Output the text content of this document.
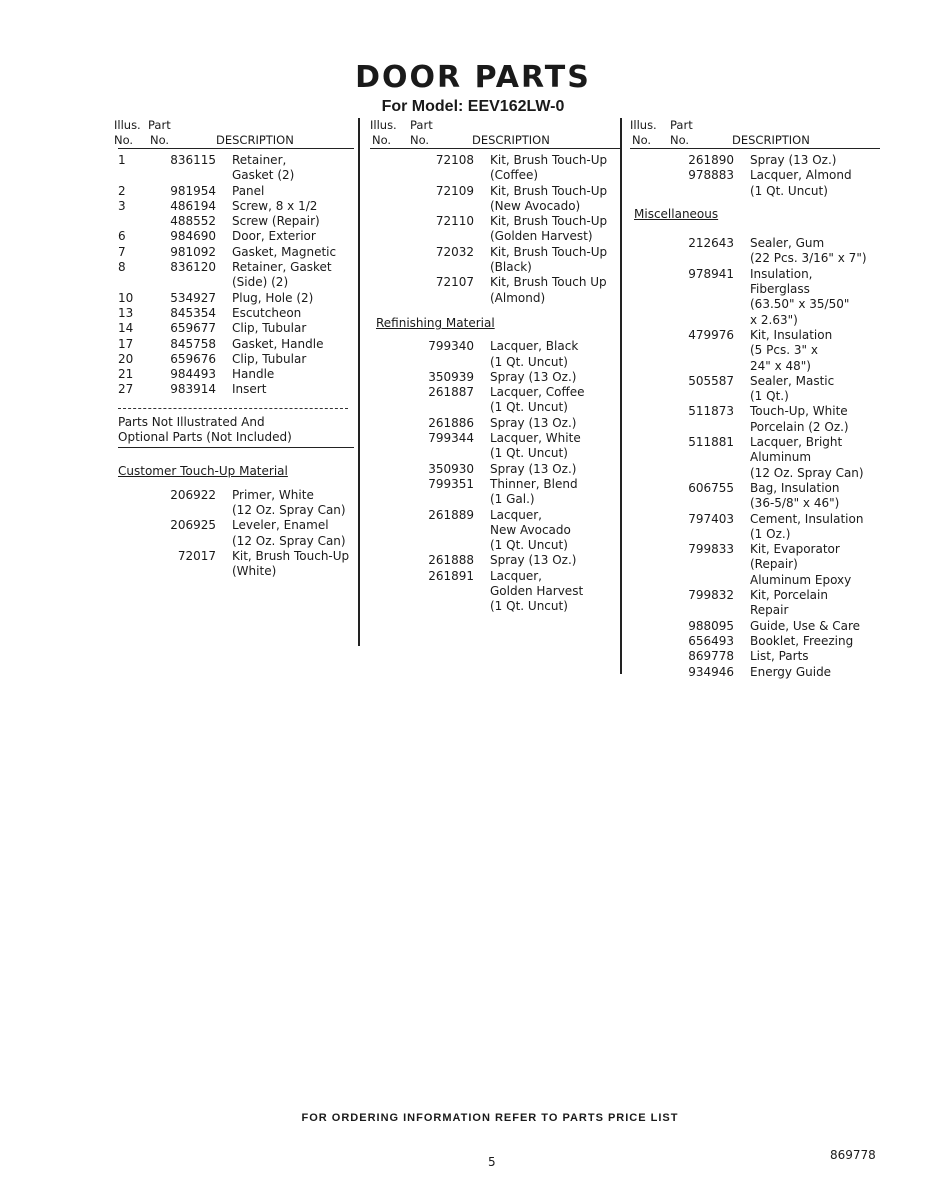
DOOR PARTS
For Model: EEV162LW-0
Illus. Part
No. No.	DESCRIPTION
1	836115 Retainer,
Gasket (2)
2	981954 Panel
3	486194 Screw, 8 x 1/2
488552 Screw (Repair)
6	984690 Door, Exterior
7	981092 Gasket, Magnetic
8	836120 Retainer, Gasket
(Side) (2)
10	534927 Plug, Hole (2)
13	845354 Escutcheon
14	659677 Clip, Tubular
17	845758 Gasket, Handle
20	659676 Clip, Tubular
21	984493 Handle
27	983914 Insert
Parts Not Illustrated And
Optional Parts (Not Included)
Customer Touch-Up Material
206922 Primer, White
(12 Oz. Spray Can)
206925 Leveler, Enamel
(12 Oz. Spray Can)
72017 Kit, Brush Touch-Up
(White)
Illus. Part
No. No.	DESCRIPTION
72108 Kit, Brush Touch-Up
(Coffee)
72109 Kit, Brush Touch-Up
(New Avocado)
72110 Kit, Brush Touch-Up
(Golden Harvest)
72032 Kit, Brush Touch-Up
(Black)
72107 Kit, Brush Touch Up
(Almond)
Refinishing Material
799340 Lacquer, Black
(1 Qt. Uncut)
350939 Spray (13 Oz.)
261887 Lacquer, Coffee
(1 Qt. Uncut)
261886 Spray (13 Oz.)
799344 Lacquer, White
(1 Qt. Uncut)
350930 Spray (13 Oz.)
799351 Thinner, Blend
(1 Gal.)
261889 Lacquer,
New Avocado
(1 Qt. Uncut)
261888 Spray (13 Oz.)
261891 Lacquer,
Golden Harvest
(1 Qt. Uncut)
Illus. Part
No. No.	DESCRIPTION
261890 Spray (13 Oz.)
978883 Lacquer, Almond
(1 Qt. Uncut)
Miscellaneous
212643 Sealer, Gum
(22 Pcs. 3/16" x 7")
978941 Insulation,
Fiberglass
(63.50" x 35/50"
x 2.63")
479976 Kit, Insulation
(5 Pcs. 3" x
24" x 48")
505587 Sealer, Mastic
(1 Qt.)
511873 Touch-Up, White
Porcelain (2 Oz.)
511881 Lacquer, Bright
Aluminum
(12 Oz. Spray Can)
606755 Bag, Insulation
(36-5/8" x 46")
797403 Cement, Insulation
(1 Oz.)
799833 Kit, Evaporator
(Repair)
Aluminum Epoxy
799832 Kit, Porcelain
Repair
988095 Guide, Use & Care
656493 Booklet, Freezing
869778 List, Parts
934946 Energy Guide
FOR ORDERING INFORMATION REFER TO PARTS PRICE LIST
5	869778
